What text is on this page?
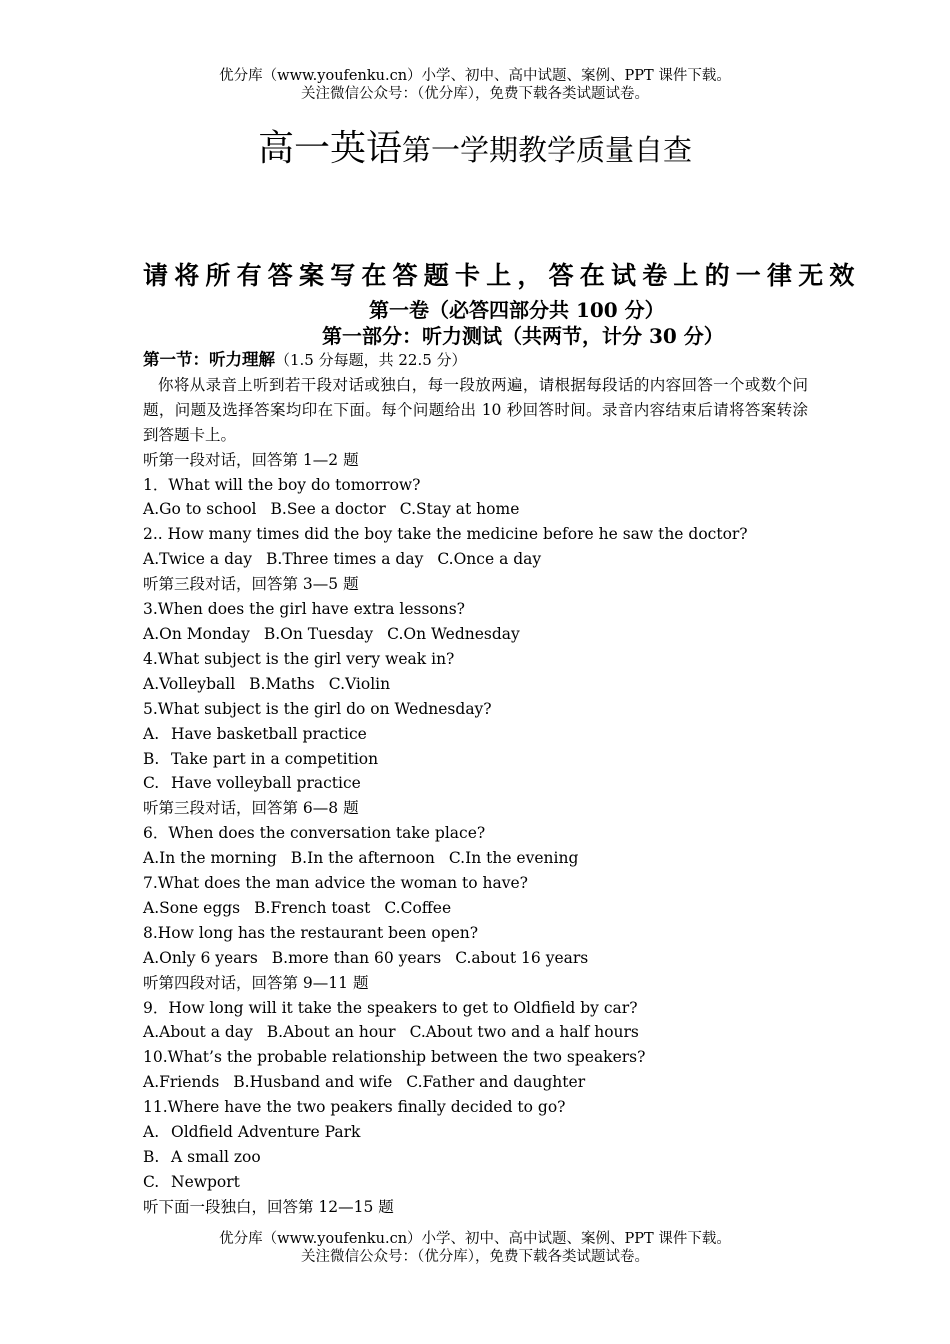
优分库（www.youfenku.cn）小学、初中、高中试题、案例、PPT 课件下载。
关注微信公众号：（优分库），免费下载各类试题试卷。
高一英语第一学期教学质量自查
请将所有答案写在答题卡上，答在试卷上的一律无效
第一卷（必答四部分共 100 分）
第一部分：听力测试（共两节，计分 30 分）
第一节：听力理解（1.5 分每题，共 22.5 分）
你将从录音上听到若干段对话或独白，每一段放两遍，请根据每段话的内容回答一个或数个问题，问题及选择答案均印在下面。每个问题给出 10 秒回答时间。录音内容结束后请将答案转涂到答题卡上。
听第一段对话，回答第 1—2 题
1．What will the boy do tomorrow?
A.Go to school B.See a doctor C.Stay at home
2.. How many times did the boy take the medicine before he saw the doctor?
A.Twice a day B.Three times a day C.Once a day
听第三段对话，回答第 3—5 题
3.When does the girl have extra lessons?
A.On Monday B.On Tuesday C.On Wednesday
4.What subject is the girl very weak in?
A.Volleyball B.Maths C.Violin
5.What subject is the girl do on Wednesday?
A. Have basketball practice
B. Take part in a competition
C. Have volleyball practice
听第三段对话，回答第 6—8 题
6．When does the conversation take place?
A.In the morning B.In the afternoon C.In the evening
7.What does the man advice the woman to have?
A.Sone eggs B.French toast C.Coffee
8.How long has the restaurant been open?
A.Only 6 years B.more than 60 years C.about 16 years
听第四段对话，回答第 9—11 题
9．How long will it take the speakers to get to Oldfield by car?
A.About a day B.About an hour C.About two and a half hours
10.What’s the probable relationship between the two speakers?
A.Friends B.Husband and wife C.Father and daughter
11.Where have the two peakers finally decided to go?
A. Oldfield Adventure Park
B. A small zoo
C. Newport
听下面一段独白，回答第 12—15 题
优分库（www.youfenku.cn）小学、初中、高中试题、案例、PPT 课件下载。
关注微信公众号：（优分库），免费下载各类试题试卷。
